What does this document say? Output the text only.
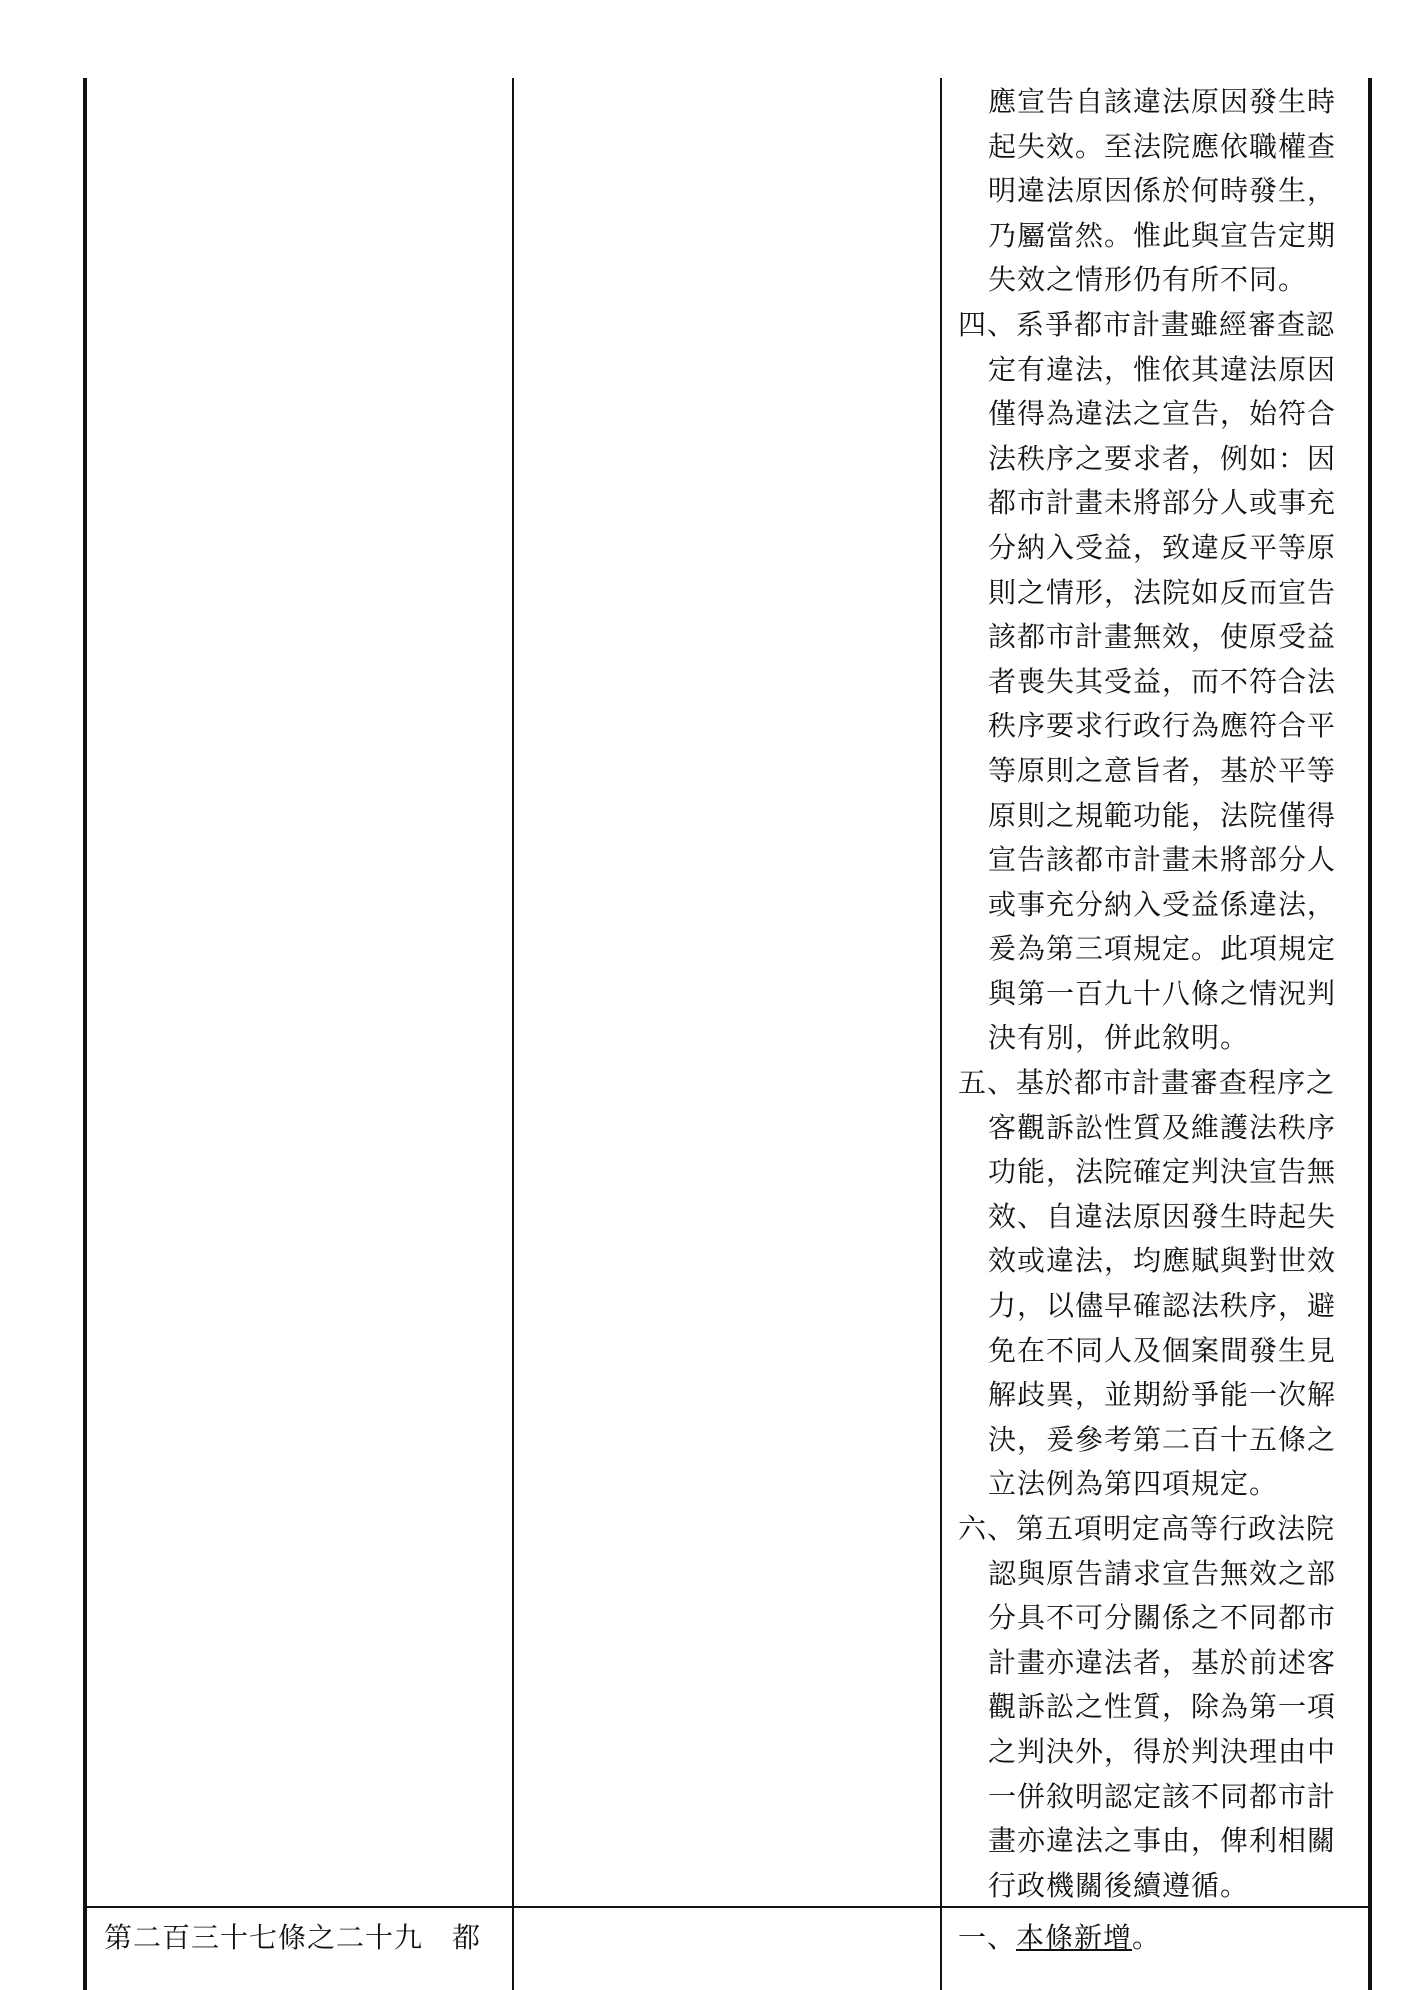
應宣告自該違法原因發生時
起失效。至法院應依職權查
明違法原因係於何時發生，
乃屬當然。惟此與宣告定期
失效之情形仍有所不同。
四、系爭都市計畫雖經審查認
定有違法，惟依其違法原因
僅得為違法之宣告，始符合
法秩序之要求者，例如：因
都市計畫未將部分人或事充
分納入受益，致違反平等原
則之情形，法院如反而宣告
該都市計畫無效，使原受益
者喪失其受益，而不符合法
秩序要求行政行為應符合平
等原則之意旨者，基於平等
原則之規範功能，法院僅得
宣告該都市計畫未將部分人
或事充分納入受益係違法，
爰為第三項規定。此項規定
與第一百九十八條之情況判
決有別，併此敘明。
五、基於都市計畫審查程序之
客觀訴訟性質及維護法秩序
功能，法院確定判決宣告無
效、自違法原因發生時起失
效或違法，均應賦與對世效
力，以儘早確認法秩序，避
免在不同人及個案間發生見
解歧異，並期紛爭能一次解
決，爰參考第二百十五條之
立法例為第四項規定。
六、第五項明定高等行政法院
認與原告請求宣告無效之部
分具不可分關係之不同都市
計畫亦違法者，基於前述客
觀訴訟之性質，除為第一項
之判決外，得於判決理由中
一併敘明認定該不同都市計
畫亦違法之事由，俾利相關
行政機關後續遵循。
第二百三十七條之二十九　都	一、本條新增。
